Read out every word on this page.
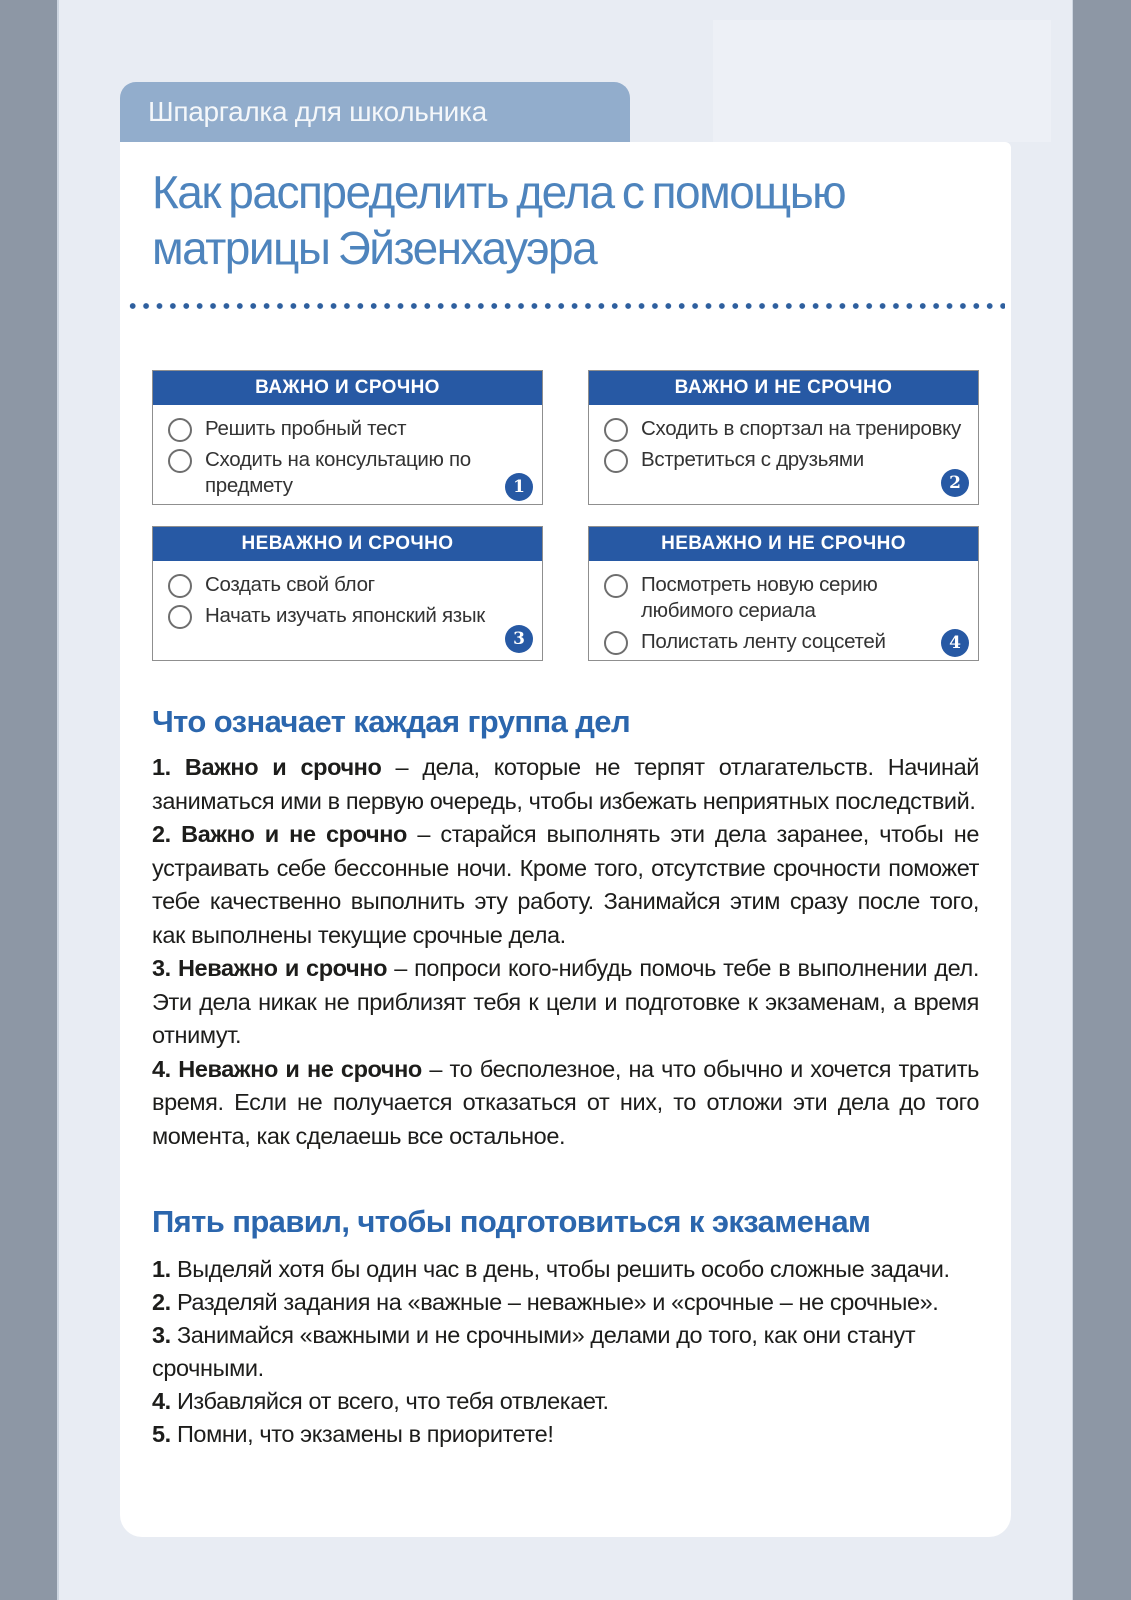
Шпаргалка для школьника
Как распределить дела с помощью
матрицы Эйзенхауэра
ВАЖНО И СРОЧНО
Решить пробный тест
Сходить на консультацию по предмету	1
ВАЖНО И НЕ СРОЧНО
Сходить в спортзал на тренировку
Встретиться с друзьями
2
НЕВАЖНО И СРОЧНО
Создать свой блог
Начать изучать японский язык
3
НЕВАЖНО И НЕ СРОЧНО
Посмотреть новую серию любимого сериала
Полистать ленту соцсетей	4
Что означает каждая группа дел

1. Важно и срочно – дела, которые не терпят отлагательств. Начинай заниматься ими в первую очередь, чтобы избежать неприятных последствий.

2. Важно и не срочно – старайся выполнять эти дела заранее, чтобы не устраивать себе бессонные ночи. Кроме того, отсутствие срочности поможет тебе качественно выполнить эту работу. Занимайся этим сразу после того, как выполнены текущие срочные дела.

3. Неважно и срочно – попроси кого-нибудь помочь тебе в выполнении дел. Эти дела никак не приблизят тебя к цели и подготовке к экзаменам, а время отнимут.

4. Неважно и не срочно – то бесполезное, на что обычно и хочется тратить время. Если не получается отказаться от них, то отложи эти дела до того момента, как сделаешь все остальное.

Пять правил, чтобы подготовиться к экзаменам
1. Выделяй хотя бы один час в день, чтобы решить особо сложные задачи.
2. Разделяй задания на «важные – неважные» и «срочные – не срочные».
3. Занимайся «важными и не срочными» делами до того, как они станут срочными.
4. Избавляйся от всего, что тебя отвлекает.
5. Помни, что экзамены в приоритете!
